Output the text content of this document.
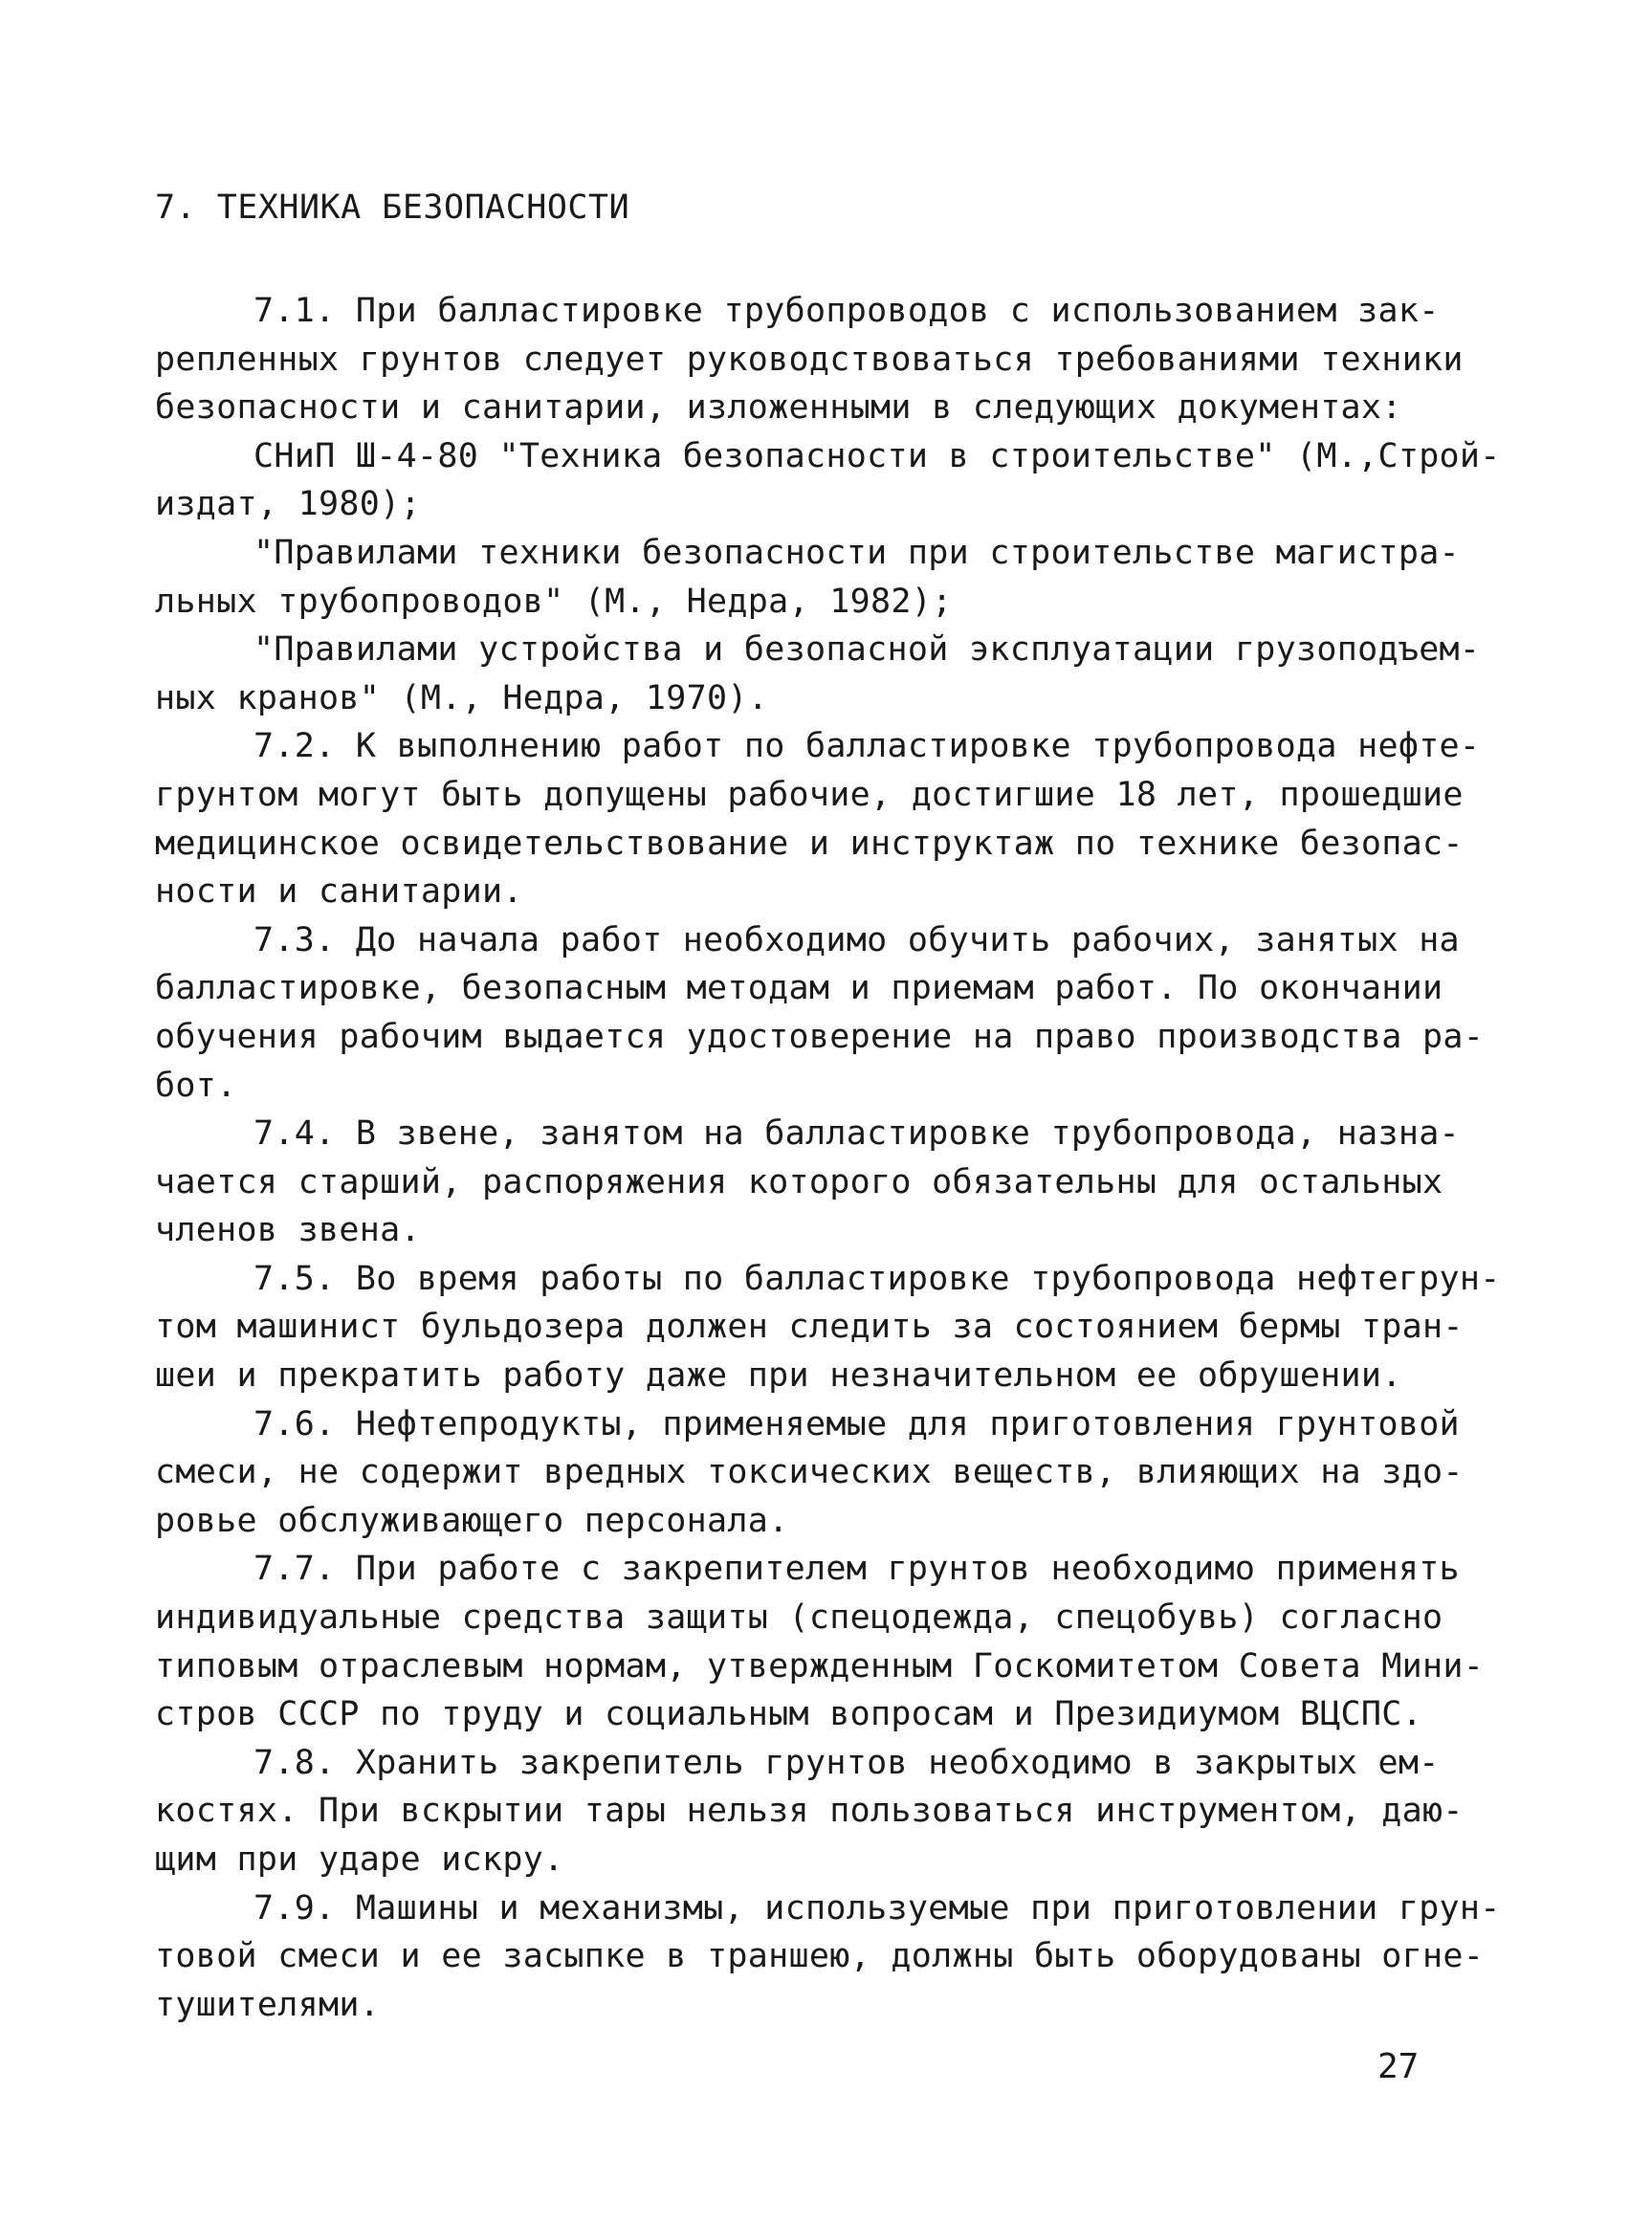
7. ТЕХНИКА БЕЗОПАСНОСТИ
7.1. При балластировке трубопроводов с использованием зак-
репленных грунтов следует руководствоваться требованиями техники
безопасности и санитарии, изложенными в следующих документах:
СНиП Ш-4-80 "Техника безопасности в строительстве" (М.,Строй-
издат, 1980);
"Правилами техники безопасности при строительстве магистра-
льных трубопроводов" (М., Недра, 1982);
"Правилами устройства и безопасной эксплуатации грузоподъем-
ных кранов" (М., Недра, 1970).
7.2. К выполнению работ по балластировке трубопровода нефте-
грунтом могут быть допущены рабочие, достигшие 18 лет, прошедшие
медицинское освидетельствование и инструктаж по технике безопас-
ности и санитарии.
7.3. До начала работ необходимо обучить рабочих, занятых на
балластировке, безопасным методам и приемам работ. По окончании
обучения рабочим выдается удостоверение на право производства ра-
бот.
7.4. В звене, занятом на балластировке трубопровода, назна-
чается старший, распоряжения которого обязательны для остальных
членов звена.
7.5. Во время работы по балластировке трубопровода нефтегрун-
том машинист бульдозера должен следить за состоянием бермы тран-
шеи и прекратить работу даже при незначительном ее обрушении.
7.6. Нефтепродукты, применяемые для приготовления грунтовой
смеси, не содержит вредных токсических веществ, влияющих на здо-
ровье обслуживающего персонала.
7.7. При работе с закрепителем грунтов необходимо применять
индивидуальные средства защиты (спецодежда, спецобувь) согласно
типовым отраслевым нормам, утвержденным Госкомитетом Совета Мини-
стров СССР по труду и социальным вопросам и Президиумом ВЦСПС.
7.8. Хранить закрепитель грунтов необходимо в закрытых ем-
костях. При вскрытии тары нельзя пользоваться инструментом, даю-
щим при ударе искру.
7.9. Машины и механизмы, используемые при приготовлении грун-
товой смеси и ее засыпке в траншею, должны быть оборудованы огне-
тушителями.
27
